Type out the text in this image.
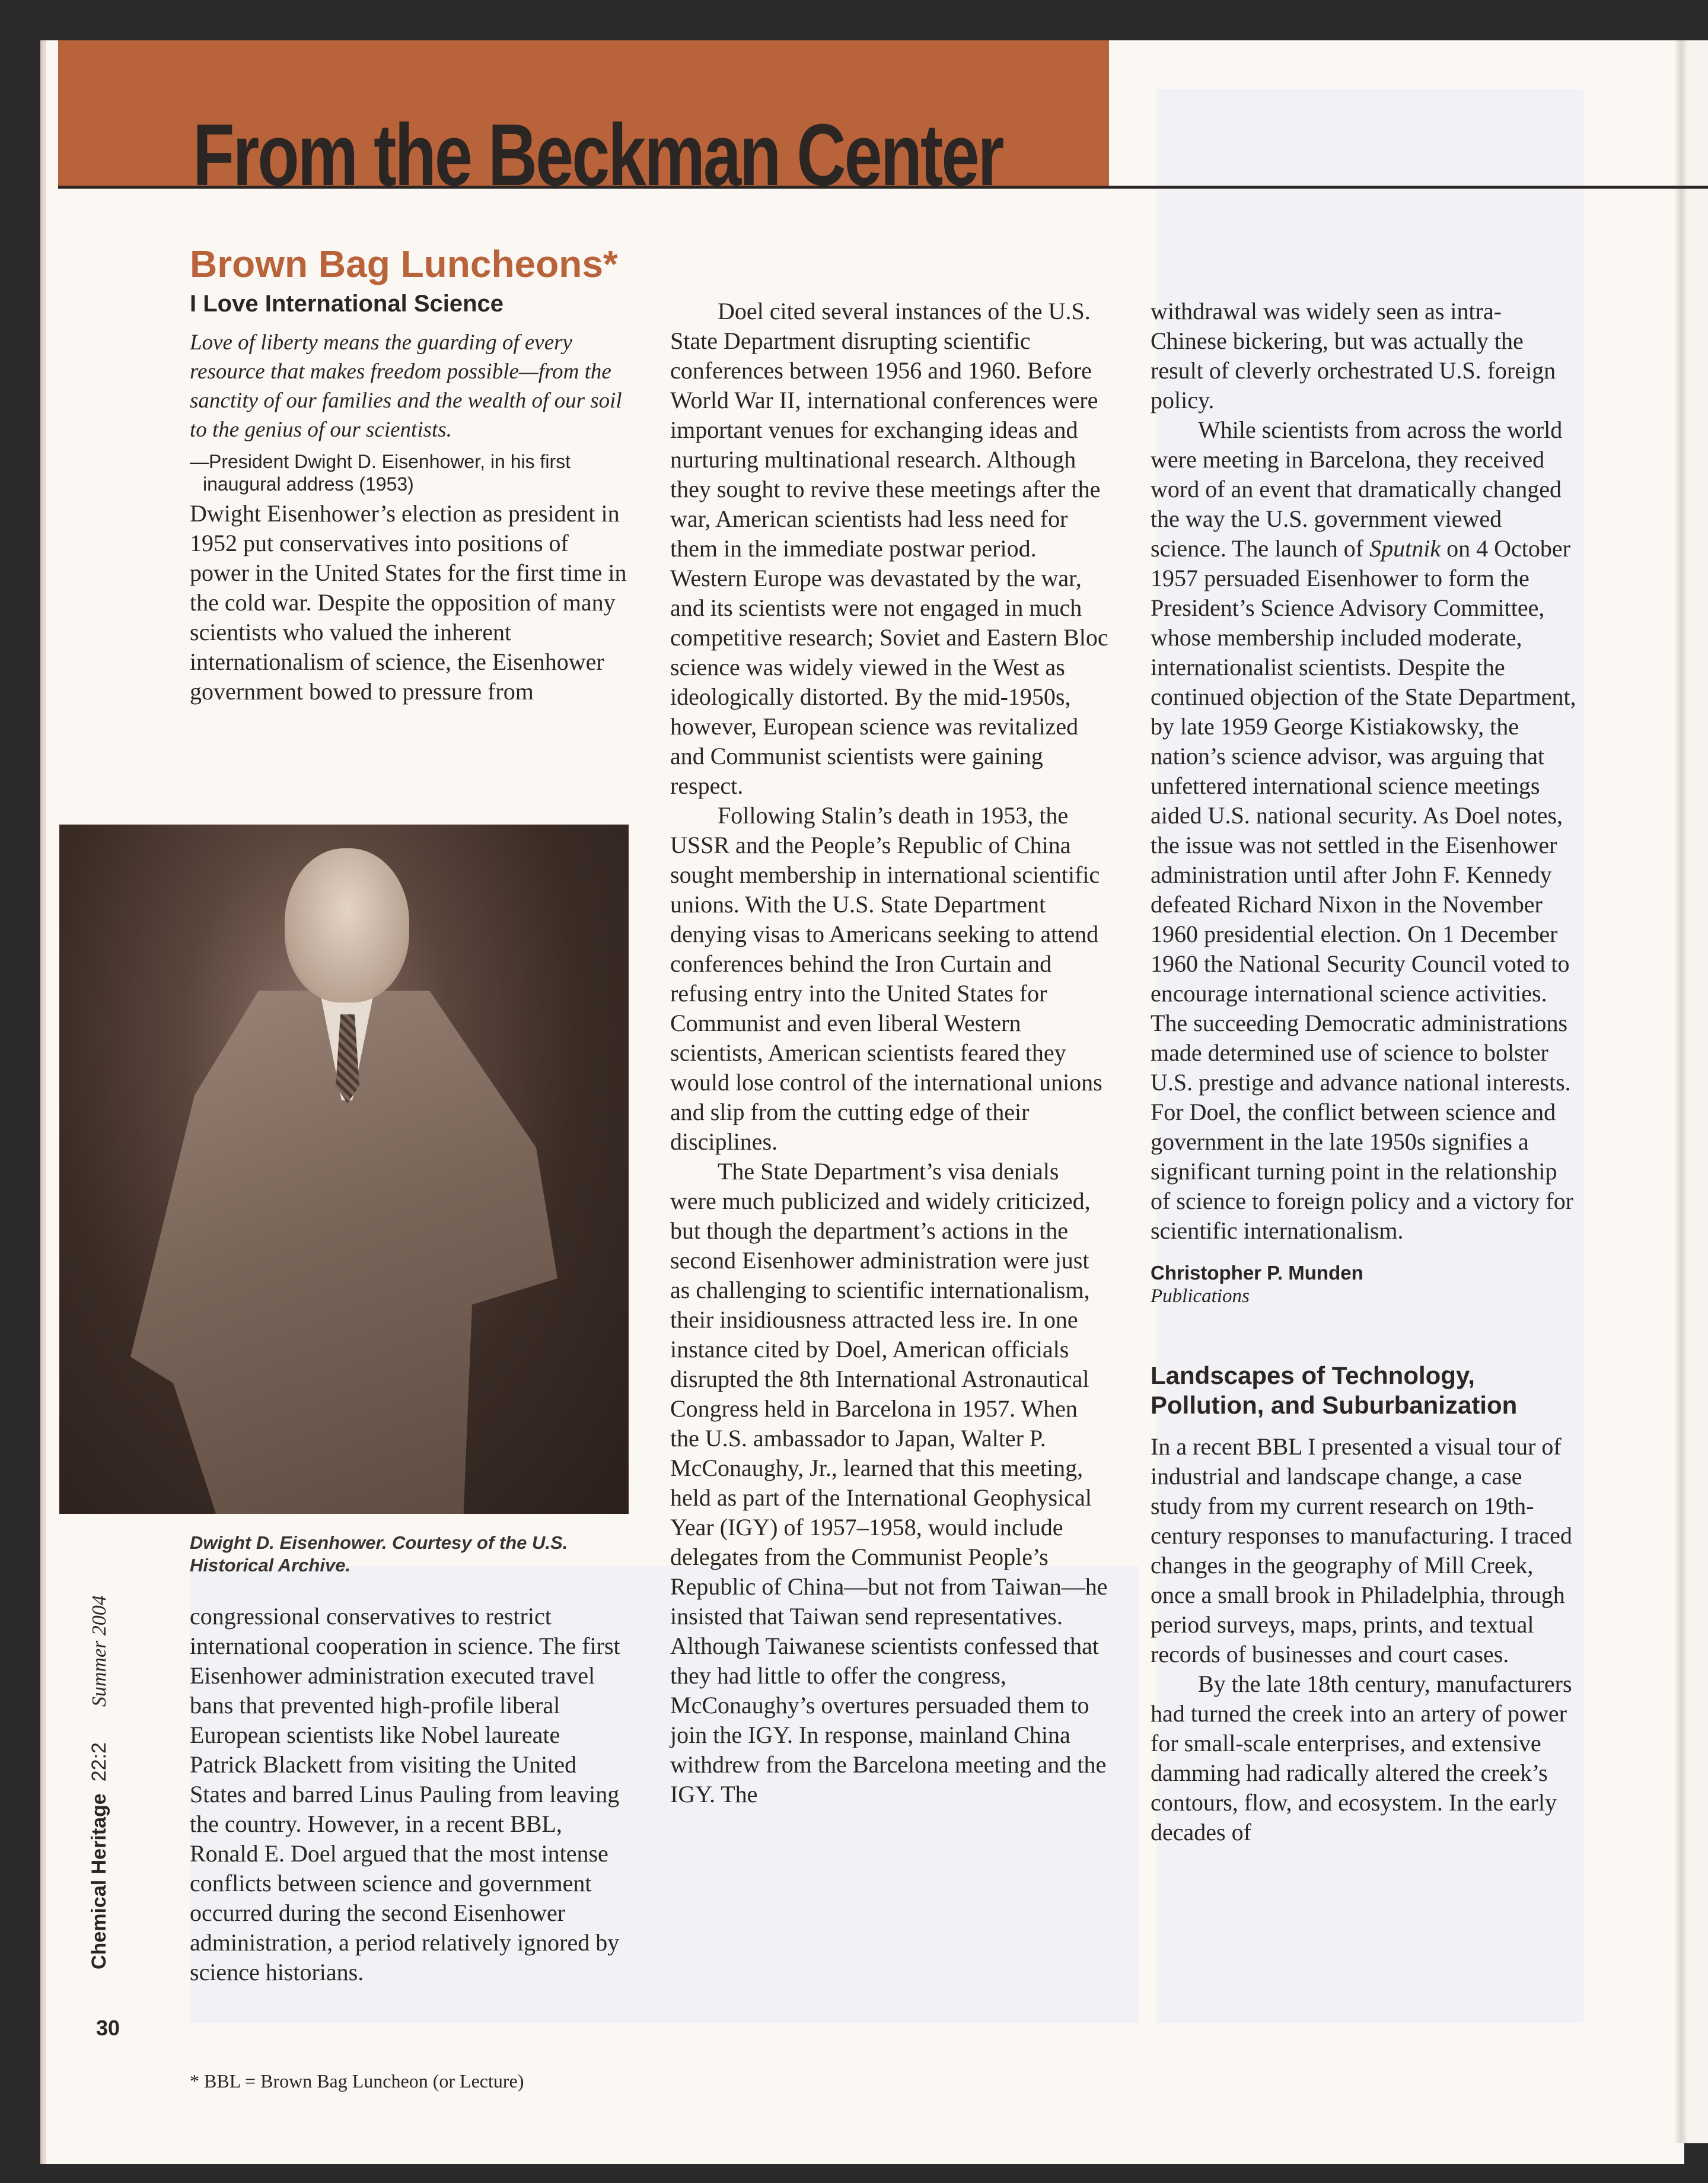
From the Beckman Center
Brown Bag Luncheons*
I Love International Science

Love of liberty means the guarding of every resource that makes freedom possible—from the sanctity of our families and the wealth of our soil to the genius of our scientists.

—President Dwight D. Eisenhower, in his first inaugural address (1953)

Dwight Eisenhower’s election as president in 1952 put conservatives into positions of power in the United States for the first time in the cold war. Despite the opposition of many scientists who valued the inherent internationalism of science, the Eisenhower government bowed to pressure from

Dwight D. Eisenhower. Courtesy of the U.S. Historical Archive.

congressional conservatives to restrict international cooperation in science. The first Eisenhower administration executed travel bans that prevented high-profile liberal European scientists like Nobel laureate Patrick Blackett from visiting the United States and barred Linus Pauling from leaving the country. However, in a recent BBL, Ronald E. Doel argued that the most intense conflicts between science and government occurred during the second Eisenhower administration, a period relatively ignored by science historians.

* BBL = Brown Bag Luncheon (or Lecture)

Doel cited several instances of the U.S. State Department disrupting scientific conferences between 1956 and 1960. Before World War II, international conferences were important venues for exchanging ideas and nurturing multinational research. Although they sought to revive these meetings after the war, American scientists had less need for them in the immediate postwar period. Western Europe was devastated by the war, and its scientists were not engaged in much competitive research; Soviet and Eastern Bloc science was widely viewed in the West as ideologically distorted. By the mid-1950s, however, European science was revitalized and Communist scientists were gaining respect.

Following Stalin’s death in 1953, the USSR and the People’s Republic of China sought membership in international scientific unions. With the U.S. State Department denying visas to Americans seeking to attend conferences behind the Iron Curtain and refusing entry into the United States for Communist and even liberal Western scientists, American scientists feared they would lose control of the international unions and slip from the cutting edge of their disciplines.

The State Department’s visa denials were much publicized and widely criticized, but though the department’s actions in the second Eisenhower administration were just as challenging to scientific internationalism, their insidiousness attracted less ire. In one instance cited by Doel, American officials disrupted the 8th International Astronautical Congress held in Barcelona in 1957. When the U.S. ambassador to Japan, Walter P. McConaughy, Jr., learned that this meeting, held as part of the International Geophysical Year (IGY) of 1957–1958, would include delegates from the Communist People’s Republic of China—but not from Taiwan—he insisted that Taiwan send representatives. Although Taiwanese scientists confessed that they had little to offer the congress, McConaughy’s overtures persuaded them to join the IGY. In response, mainland China withdrew from the Barcelona meeting and the IGY. The

withdrawal was widely seen as intra-Chinese bickering, but was actually the result of cleverly orchestrated U.S. foreign policy.

While scientists from across the world were meeting in Barcelona, they received word of an event that dramatically changed the way the U.S. government viewed science. The launch of Sputnik on 4 October 1957 persuaded Eisenhower to form the President’s Science Advisory Committee, whose membership included moderate, internationalist scientists. Despite the continued objection of the State Department, by late 1959 George Kistiakowsky, the nation’s science advisor, was arguing that unfettered international science meetings aided U.S. national security. As Doel notes, the issue was not settled in the Eisenhower administration until after John F. Kennedy defeated Richard Nixon in the November 1960 presidential election. On 1 December 1960 the National Security Council voted to encourage international science activities. The succeeding Democratic administrations made determined use of science to bolster U.S. prestige and advance national interests. For Doel, the conflict between science and government in the late 1950s signifies a significant turning point in the relationship of science to foreign policy and a victory for scientific internationalism.

Christopher P. Munden
Publications
Landscapes of Technology, Pollution, and Suburbanization

In a recent BBL I presented a visual tour of industrial and landscape change, a case study from my current research on 19th-century responses to manufacturing. I traced changes in the geography of Mill Creek, once a small brook in Philadelphia, through period surveys, maps, prints, and textual records of businesses and court cases.

By the late 18th century, manufacturers had turned the creek into an artery of power for small-scale enterprises, and extensive damming had radically altered the creek’s contours, flow, and ecosystem. In the early decades of

Chemical Heritage22:2Summer 2004
30
